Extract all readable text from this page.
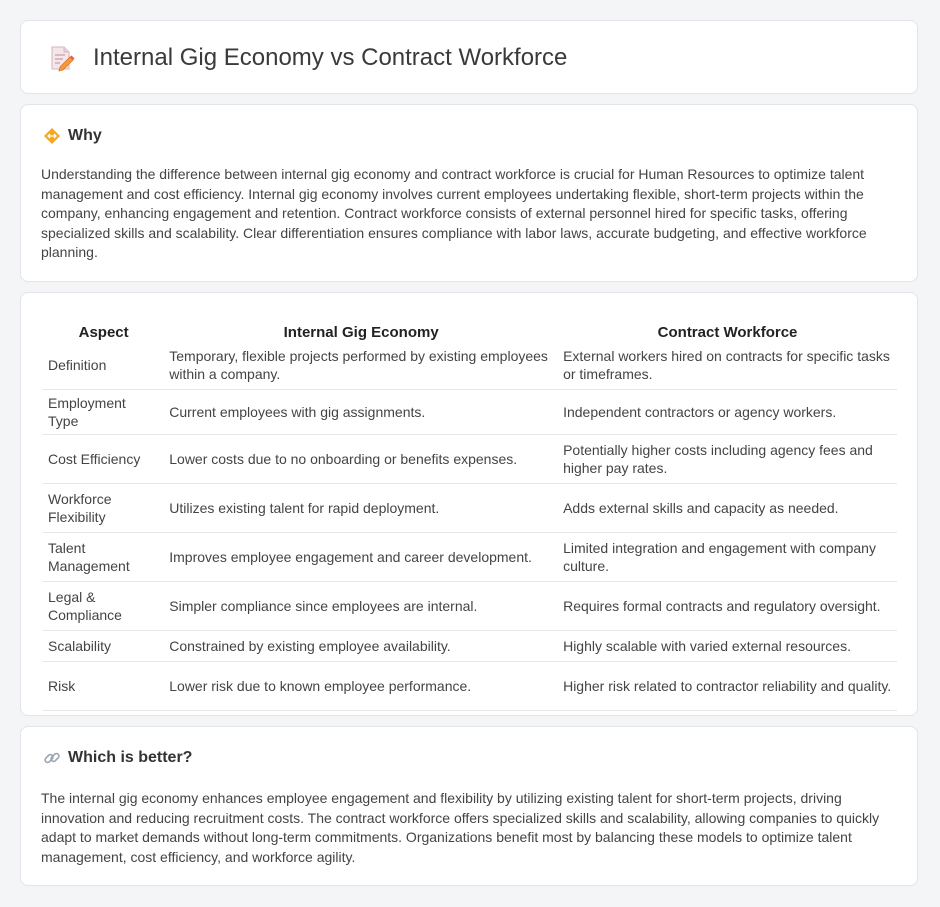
Internal Gig Economy vs Contract Workforce
Why

Understanding the difference between internal gig economy and contract workforce is crucial for Human Resources to optimize talent management and cost efficiency. Internal gig economy involves current employees undertaking flexible, short-term projects within the company, enhancing engagement and retention. Contract workforce consists of external personnel hired for specific tasks, offering specialized skills and scalability. Clear differentiation ensures compliance with labor laws, accurate budgeting, and effective workforce planning.

Aspect	Internal Gig Economy	Contract Workforce
Definition	Temporary, flexible projects performed by existing employees within a company.	External workers hired on contracts for specific tasks or timeframes.
Employment Type	Current employees with gig assignments.	Independent contractors or agency workers.
Cost Efficiency	Lower costs due to no onboarding or benefits expenses.	Potentially higher costs including agency fees and higher pay rates.
Workforce Flexibility	Utilizes existing talent for rapid deployment.	Adds external skills and capacity as needed.
Talent Management	Improves employee engagement and career development.	Limited integration and engagement with company culture.
Legal & Compliance	Simpler compliance since employees are internal.	Requires formal contracts and regulatory oversight.
Scalability	Constrained by existing employee availability.	Highly scalable with varied external resources.
Risk	Lower risk due to known employee performance.	Higher risk related to contractor reliability and quality.
Which is better?

The internal gig economy enhances employee engagement and flexibility by utilizing existing talent for short-term projects, driving innovation and reducing recruitment costs. The contract workforce offers specialized skills and scalability, allowing companies to quickly adapt to market demands without long-term commitments. Organizations benefit most by balancing these models to optimize talent management, cost efficiency, and workforce agility.
